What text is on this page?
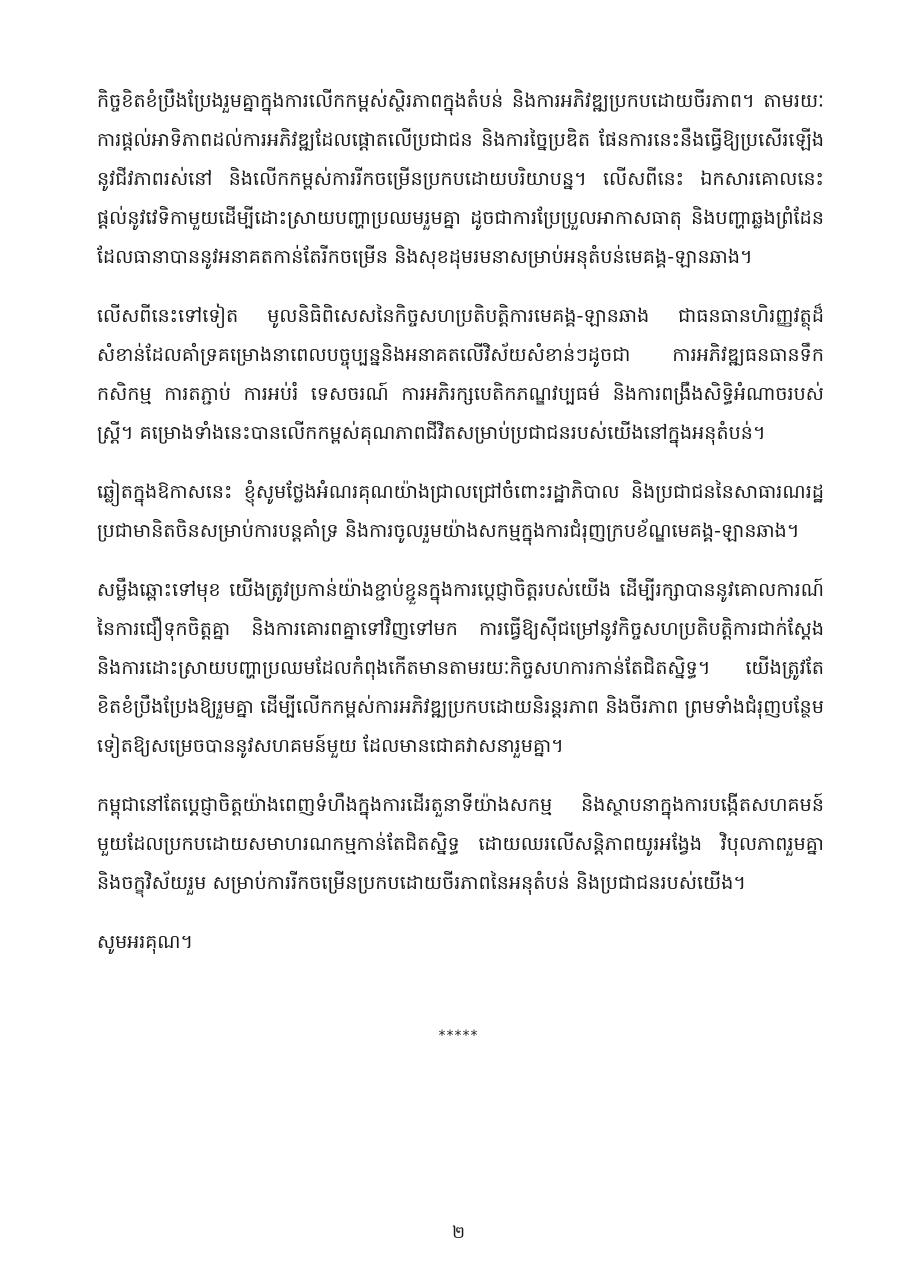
កិច្ចខិតខំប្រឹងប្រែងរួមគ្នាក្នុងការលើកកម្ពស់ស្ថិរភាពក្នុងតំបន់ និងការអភិវឌ្ឍប្រកបដោយចីរភាព។ តាមរយៈការផ្តល់អាទិភាពដល់ការអភិវឌ្ឍដែលផ្តោតលើប្រជាជន និងការច្នៃប្រឌិត ផែនការនេះនឹងធ្វើឱ្យប្រសើរឡើងនូវជីវភាពរស់នៅ និងលើកកម្ពស់ការរីកចម្រើនប្រកបដោយបរិយាបន្ន។ លើសពីនេះ ឯកសារគោលនេះ ផ្តល់នូវវេទិកាមួយដើម្បីដោះស្រាយបញ្ហាប្រឈមរួមគ្នា ដូចជាការប្រែប្រួលអាកាសធាតុ និងបញ្ហាឆ្លងព្រំដែន ដែលធានាបាននូវអនាគតកាន់តែរីកចម្រើន និងសុខដុមរមនាសម្រាប់អនុតំបន់មេគង្គ-ឡានឆាង។

លើសពីនេះទៅទៀត មូលនិធិពិសេសនៃកិច្ចសហប្រតិបត្តិការមេគង្គ-ឡានឆាង ជាធនធានហិរញ្ញវត្ថុដ៏សំខាន់ដែលគាំទ្រគម្រោងនាពេលបច្ចុប្បន្ននិងអនាគតលើវិស័យសំខាន់ៗដូចជា ការអភិវឌ្ឍធនធានទឹក កសិកម្ម ការតភ្ជាប់ ការអប់រំ ទេសចរណ៍ ការអភិរក្សបេតិកភណ្ឌវប្បធម៌ និងការពង្រឹងសិទ្ធិអំណាចរបស់ស្ត្រី។ គម្រោងទាំងនេះបានលើកកម្ពស់គុណភាពជីវិតសម្រាប់ប្រជាជនរបស់យើងនៅក្នុងអនុតំបន់។

ឆ្លៀតក្នុងឱកាសនេះ ខ្ញុំសូមថ្លែងអំណរគុណយ៉ាងជ្រាលជ្រៅចំពោះរដ្ឋាភិបាល និងប្រជាជននៃសាធារណរដ្ឋប្រជាមានិតចិនសម្រាប់ការបន្តគាំទ្រ និងការចូលរួមយ៉ាងសកម្មក្នុងការជំរុញក្របខ័ណ្ឌមេគង្គ-ឡានឆាង។

សម្លឹងឆ្ពោះទៅមុខ យើងត្រូវប្រកាន់យ៉ាងខ្ជាប់ខ្ជួនក្នុងការប្តេជ្ញាចិត្តរបស់យើង ដើម្បីរក្សាបាននូវគោលការណ៍នៃការជឿទុកចិត្តគ្នា និងការគោរពគ្នាទៅវិញទៅមក ការធ្វើឱ្យស៊ីជម្រៅនូវកិច្ចសហប្រតិបត្តិការជាក់ស្តែង និងការដោះស្រាយបញ្ហាប្រឈមដែលកំពុងកើតមានតាមរយៈកិច្ចសហការកាន់តែជិតស្និទ្ធ។ យើងត្រូវតែខិតខំប្រឹងប្រែងឱ្យរួមគ្នា ដើម្បីលើកកម្ពស់ការអភិវឌ្ឍប្រកបដោយនិរន្តរភាព និងចីរភាព ព្រមទាំងជំរុញបន្ថែមទៀតឱ្យសម្រេចបាននូវសហគមន៍មួយ ដែលមានជោគវាសនារួមគ្នា។

កម្ពុជានៅតែប្តេជ្ញាចិត្តយ៉ាងពេញទំហឹងក្នុងការដើរតួនាទីយ៉ាងសកម្ម និងស្ថាបនាក្នុងការបង្កើតសហគមន៍មួយដែលប្រកបដោយសមាហរណកម្មកាន់តែជិតស្និទ្ធ ដោយឈរលើសន្តិភាពយូរអង្វែង វិបុលភាពរួមគ្នា និងចក្ខុវិស័យរួម សម្រាប់ការរីកចម្រើនប្រកបដោយចីរភាពនៃអនុតំបន់ និងប្រជាជនរបស់យើង។

សូមអរគុណ។

*****
២
